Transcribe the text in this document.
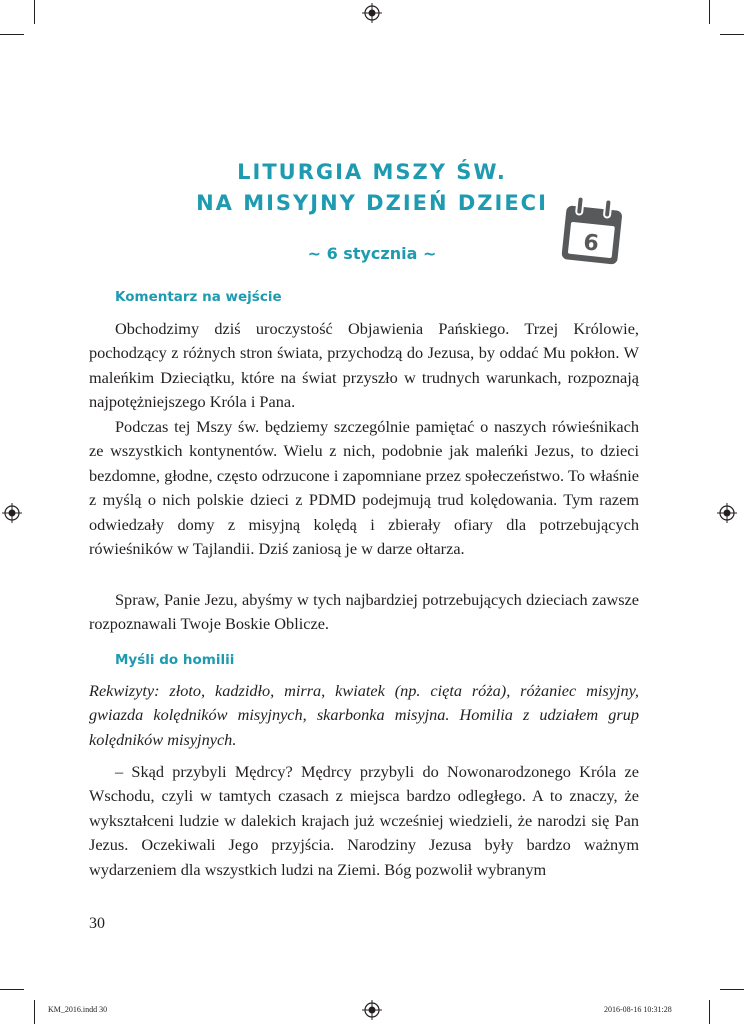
LITURGIA MSZY ŚW.
NA MISYJNY DZIEŃ DZIECI
6
~ 6 stycznia ~
Komentarz na wejście

Obchodzimy dziś uroczystość Objawienia Pańskiego. Trzej Królowie, pochodzący z różnych stron świata, przychodzą do Jezusa, by oddać Mu pokłon. W maleńkim Dzieciątku, które na świat przyszło w trudnych warunkach, rozpoznają najpotężniejszego Króla i Pana.

Podczas tej Mszy św. będziemy szczególnie pamiętać o naszych rówieśnikach ze wszystkich kontynentów. Wielu z nich, podobnie jak maleńki Jezus, to dzieci bezdomne, głodne, często odrzucone i zapomniane przez społeczeństwo. To właśnie z myślą o nich polskie dzieci z PDMD podejmują trud kolędowania. Tym razem odwiedzały domy z misyjną kolędą i zbierały ofiary dla potrzebujących rówieśników w Tajlandii. Dziś zaniosą je w darze ołtarza.

Spraw, Panie Jezu, abyśmy w tych najbardziej potrzebujących dzieciach zawsze rozpoznawali Twoje Boskie Oblicze.

Myśli do homilii

Rekwizyty: złoto, kadzidło, mirra, kwiatek (np. cięta róża), różaniec misyjny, gwiazda kolędników misyjnych, skarbonka misyjna. Homilia z udziałem grup kolędników misyjnych.

– Skąd przybyli Mędrcy? Mędrcy przybyli do Nowonarodzonego Króla ze Wschodu, czyli w tamtych czasach z miejsca bardzo odległego. A to znaczy, że wykształceni ludzie w dalekich krajach już wcześniej wiedzieli, że narodzi się Pan Jezus. Oczekiwali Jego przyjścia. Narodziny Jezusa były bardzo ważnym wydarzeniem dla wszystkich ludzi na Ziemi. Bóg pozwolił wybranym

30
KM_2016.indd 30	2016-08-16 10:31:28
